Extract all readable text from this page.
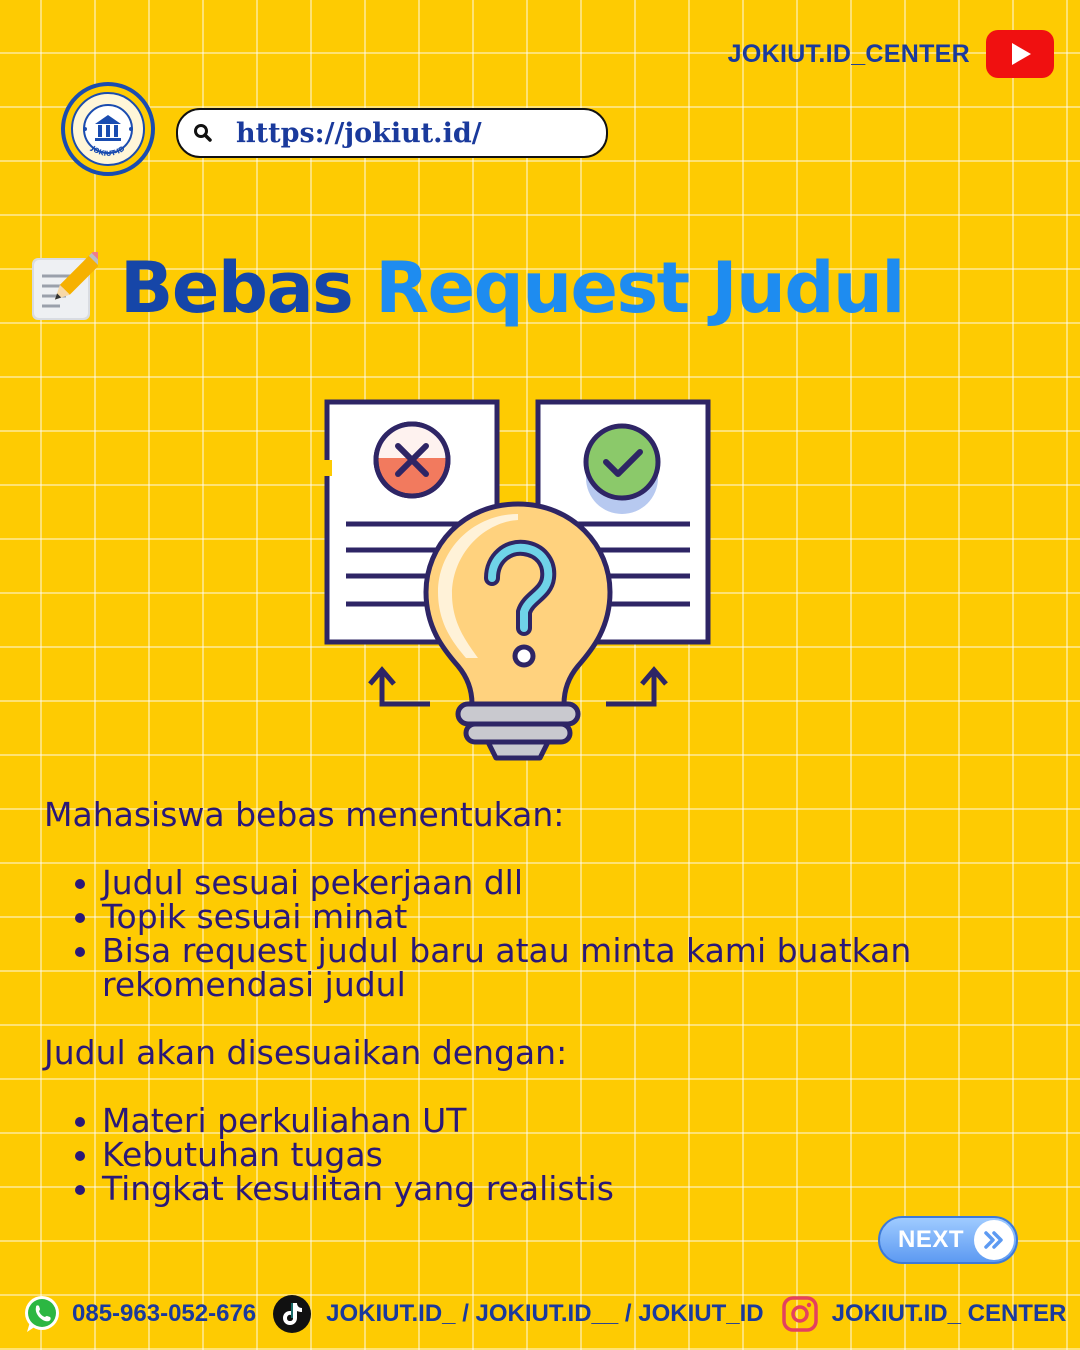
JOKIUT.ID_CENTER
JOKIUT-ID
https://jokiut.id/
Bebas Request Judul

Mahasiswa bebas menentukan:

• Judul sesuai pekerjaan dll
• Topik sesuai minat
• Bisa request judul baru atau minta kami buatkan rekomendasi judul

Judul akan disesuaikan dengan:

• Materi perkuliahan UT
• Kebutuhan tugas
• Tingkat kesulitan yang realistis
NEXT
085-963-052-676	JOKIUT.ID_ / JOKIUT.ID__ / JOKIUT_ID	JOKIUT.ID_ CENTER
